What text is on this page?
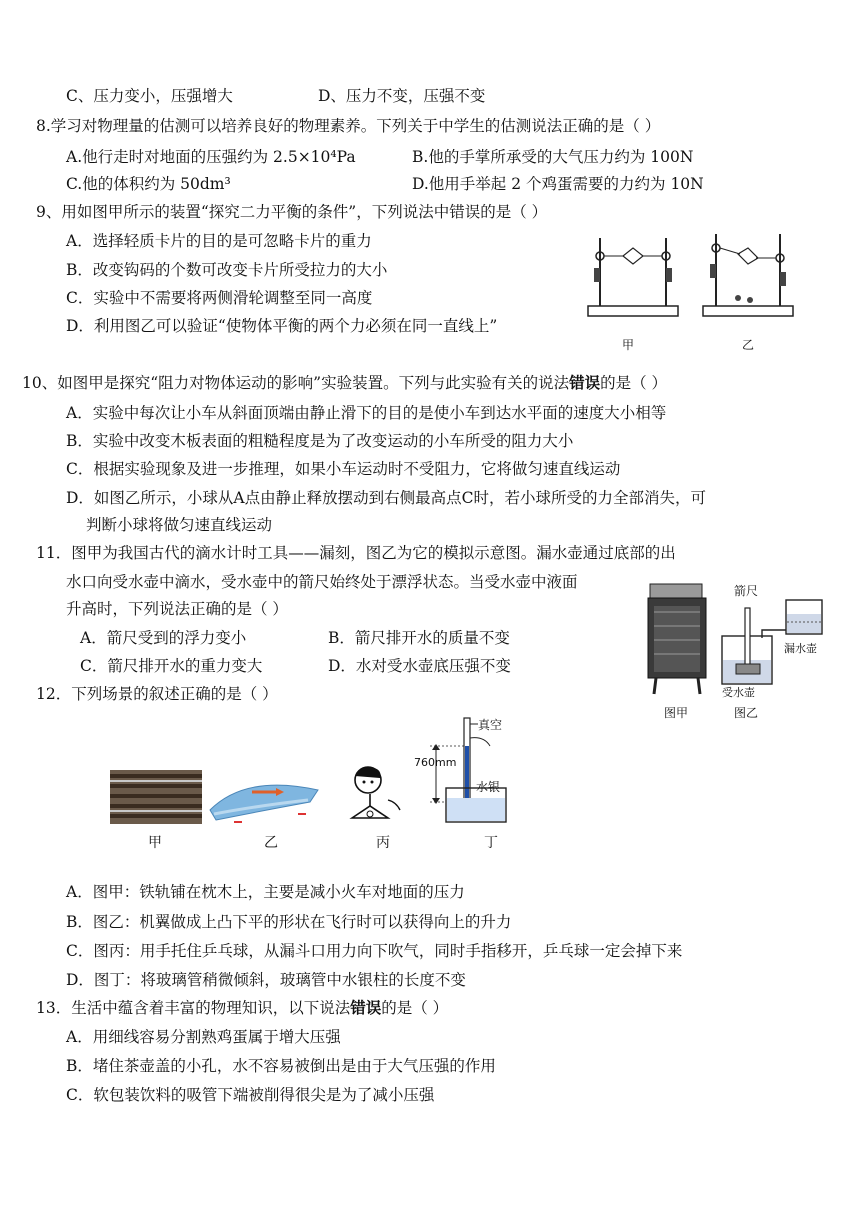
C、压力变小，压强增大	D、压力不变，压强不变
8.学习对物理量的估测可以培养良好的物理素养。下列关于中学生的估测说法正确的是（ ）
A.他行走时对地面的压强约为 2.5×10⁴Pa	B.他的手掌所承受的大气压力约为 100N
C.他的体积约为 50dm³	D.他用手举起 2 个鸡蛋需要的力约为 10N
9、用如图甲所示的装置“探究二力平衡的条件”，下列说法中错误的是（ ）
A．选择轻质卡片的目的是可忽略卡片的重力
B．改变钩码的个数可改变卡片所受拉力的大小
C．实验中不需要将两侧滑轮调整至同一高度
D．利用图乙可以验证“使物体平衡的两个力必须在同一直线上”
甲	乙
10、如图甲是探究“阻力对物体运动的影响”实验装置。下列与此实验有关的说法错误的是（ ）
A．实验中每次让小车从斜面顶端由静止滑下的目的是使小车到达水平面的速度大小相等
B．实验中改变木板表面的粗糙程度是为了改变运动的小车所受的阻力大小
C．根据实验现象及进一步推理，如果小车运动时不受阻力，它将做匀速直线运动
D．如图乙所示，小球从A点由静止释放摆动到右侧最高点C时，若小球所受的力全部消失，可
判断小球将做匀速直线运动
11．图甲为我国古代的滴水计时工具——漏刻，图乙为它的模拟示意图。漏水壶通过底部的出
水口向受水壶中滴水，受水壶中的箭尺始终处于漂浮状态。当受水壶中液面
升高时，下列说法正确的是（ ）
A．箭尺受到的浮力变小	B．箭尺排开水的质量不变
C．箭尺排开水的重力变大	D．水对受水壶底压强不变
箭尺
漏水壶
受水壶
图甲	图乙
12．下列场景的叙述正确的是（ ）
真空
760mm
水银
甲	乙	丙	丁
A．图甲：铁轨铺在枕木上，主要是减小火车对地面的压力
B．图乙：机翼做成上凸下平的形状在飞行时可以获得向上的升力
C．图丙：用手托住乒乓球，从漏斗口用力向下吹气，同时手指移开，乒乓球一定会掉下来
D．图丁：将玻璃管稍微倾斜，玻璃管中水银柱的长度不变
13．生活中蕴含着丰富的物理知识，以下说法错误的是（ ）
A．用细线容易分割熟鸡蛋属于增大压强
B．堵住茶壶盖的小孔，水不容易被倒出是由于大气压强的作用
C．软包装饮料的吸管下端被削得很尖是为了减小压强
